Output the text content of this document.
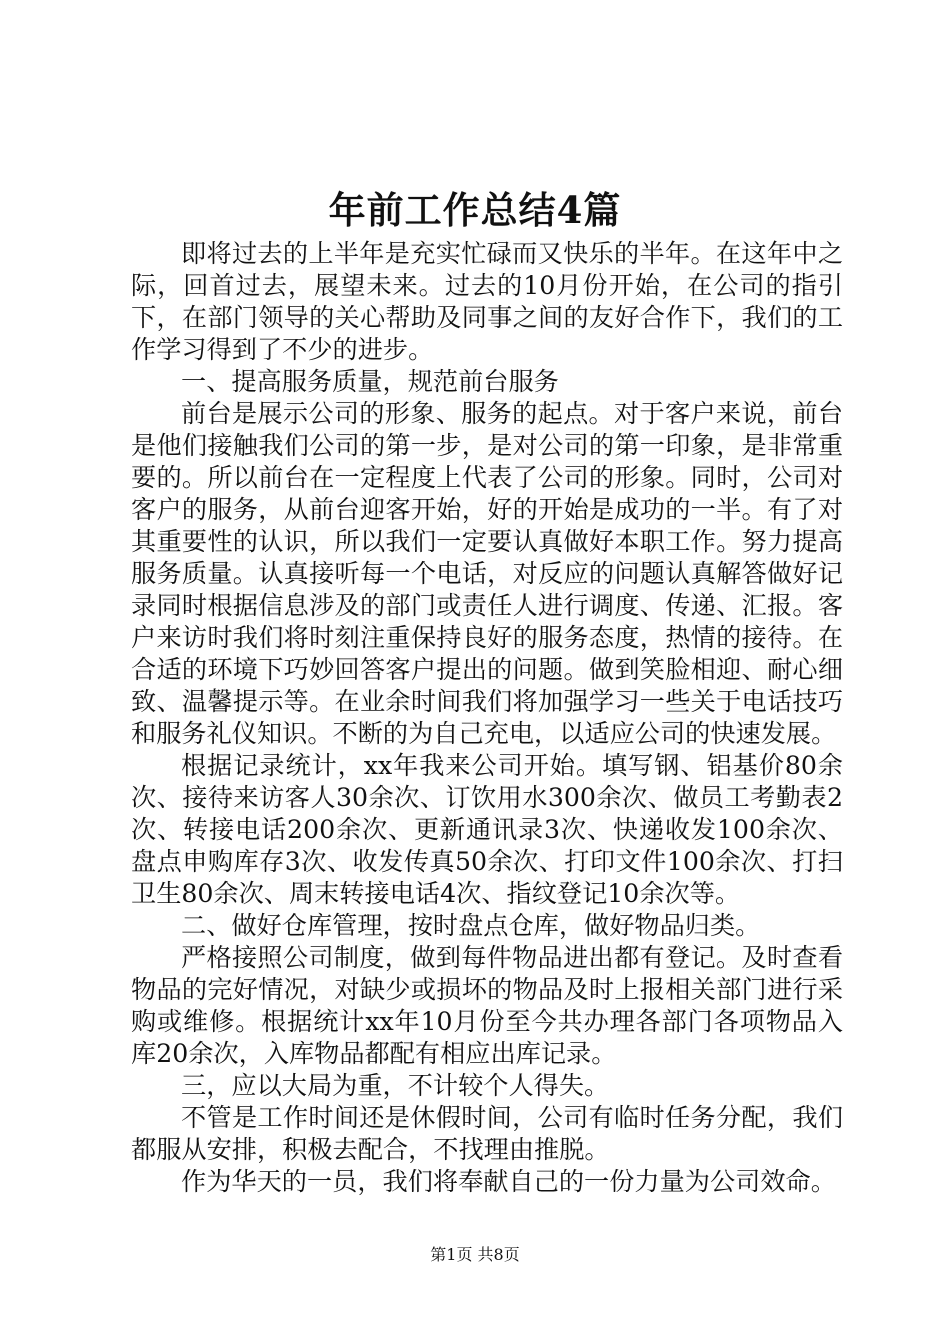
年前工作总结4篇

即将过去的上半年是充实忙碌而又快乐的半年。在这年中之际，回首过去，展望未来。过去的10月份开始，在公司的指引下，在部门领导的关心帮助及同事之间的友好合作下，我们的工作学习得到了不少的进步。

一、提高服务质量，规范前台服务

前台是展示公司的形象、服务的起点。对于客户来说，前台是他们接触我们公司的第一步，是对公司的第一印象，是非常重要的。所以前台在一定程度上代表了公司的形象。同时，公司对客户的服务，从前台迎客开始，好的开始是成功的一半。有了对其重要性的认识，所以我们一定要认真做好本职工作。努力提高服务质量。认真接听每一个电话，对反应的问题认真解答做好记录同时根据信息涉及的部门或责任人进行调度、传递、汇报。客户来访时我们将时刻注重保持良好的服务态度，热情的接待。在合适的环境下巧妙回答客户提出的问题。做到笑脸相迎、耐心细致、温馨提示等。在业余时间我们将加强学习一些关于电话技巧和服务礼仪知识。不断的为自己充电，以适应公司的快速发展。

根据记录统计，xx年我来公司开始。填写钢、铝基价80余次、接待来访客人30余次、订饮用水300余次、做员工考勤表2次、转接电话200余次、更新通讯录3次、快递收发100余次、盘点申购库存3次、收发传真50余次、打印文件100余次、打扫卫生80余次、周末转接电话4次、指纹登记10余次等。

二、做好仓库管理，按时盘点仓库，做好物品归类。

严格接照公司制度，做到每件物品进出都有登记。及时查看物品的完好情况，对缺少或损坏的物品及时上报相关部门进行采购或维修。根据统计xx年10月份至今共办理各部门各项物品入库20余次，入库物品都配有相应出库记录。

三，应以大局为重，不计较个人得失。

不管是工作时间还是休假时间，公司有临时任务分配，我们都服从安排，积极去配合，不找理由推脱。

作为华天的一员，我们将奉献自己的一份力量为公司效命。

第1页 共8页
